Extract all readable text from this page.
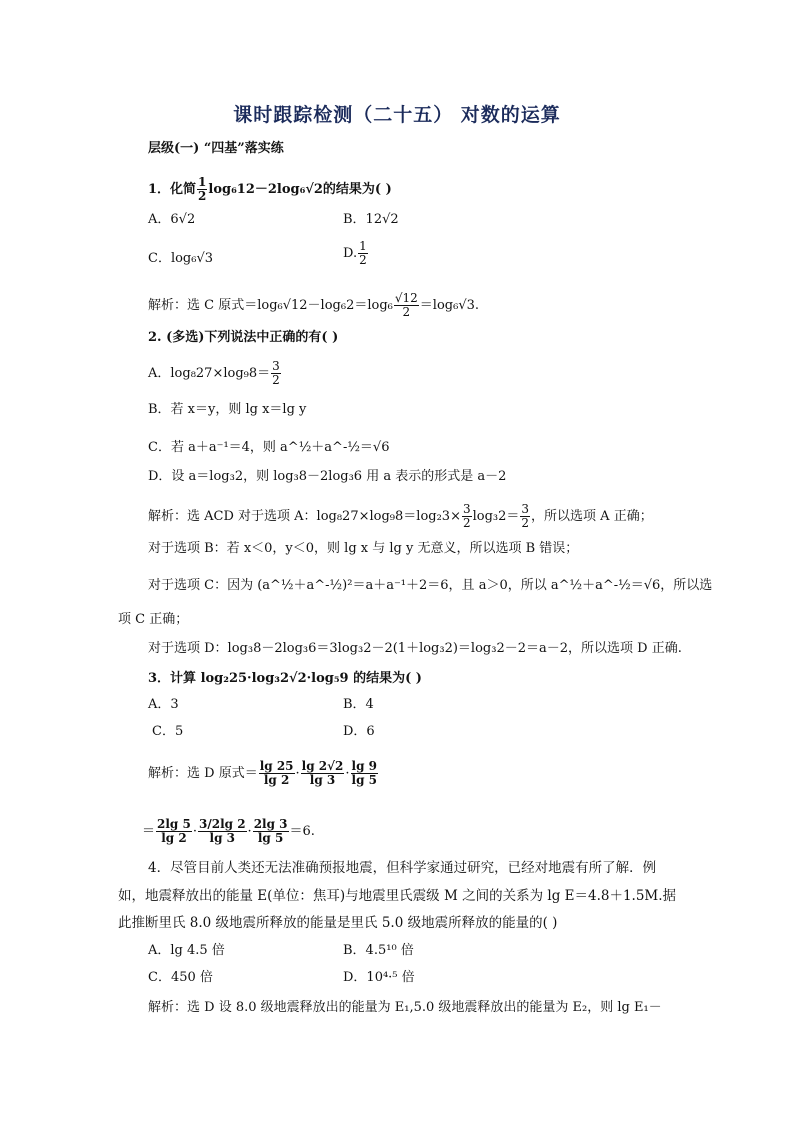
课时跟踪检测（二十五） 对数的运算
层级(一) “四基”落实练
1．化简 $\frac{1}{2} \log_612-2\log_6√2$的结果为( )
A．6√2	B．12√2
C．log₆√3	D. $\frac{1}{2}$
解析：选 C 原式$=\log_6√12-\log_62=\log_6 \frac{√12}{2} =\log_6√3$.
2. (多选)下列说法中正确的有( )
A．$\log_827\times\log_98= \frac{3}{2}$
B．若 x＝y，则 lg x＝lg y
C．若 a＋a⁻¹＝4，则 a^½＋a^-½＝√6
D．设 a＝log₃2，则 log₃8－2log₃6 用 a 表示的形式是 a－2
解析：选 ACD 对于选项 A：$\log_827\times\log_98=\log_23\times \frac{3}{2} \log_32= \frac{3}{2}$ ，所以选项 A 正确；
对于选项 B：若 x＜0，y＜0，则 lg x 与 lg y 无意义，所以选项 B 错误；
对于选项 C：因为 (a^½＋a^-½)²＝a＋a⁻¹＋2＝6，且 a＞0，所以 a^½＋a^-½＝√6，所以选
项 C 正确；
对于选项 D：log₃8－2log₃6＝3log₃2－2(1＋log₃2)＝log₃2－2＝a－2，所以选项 D 正确.
3．计算 log₂25·log₃2√2·log₅9 的结果为( )
A．3	B．4
C．5	D．6
解析：选 D 原式＝ $\frac{\lg 25}{\lg 2} \cdot \frac{\lg 2√2}{\lg 3} \cdot \frac{\lg 9}{\lg 5}$
＝ $\frac{2\lg 5}{\lg 2} \cdot \frac{3/2\lg 2}{\lg 3} \cdot \frac{2\lg 3}{\lg 5} =6$.
4．尽管目前人类还无法准确预报地震，但科学家通过研究，已经对地震有所了解．例
如，地震释放出的能量 E(单位：焦耳)与地震里氏震级 M 之间的关系为 lg E＝4.8＋1.5M.据
此推断里氏 8.0 级地震所释放的能量是里氏 5.0 级地震所释放的能量的( )
A．lg 4.5 倍	B．4.5¹⁰ 倍
C．450 倍	D．10⁴·⁵ 倍
解析：选 D 设 8.0 级地震释放出的能量为 E₁,5.0 级地震释放出的能量为 E₂，则 lg E₁－
